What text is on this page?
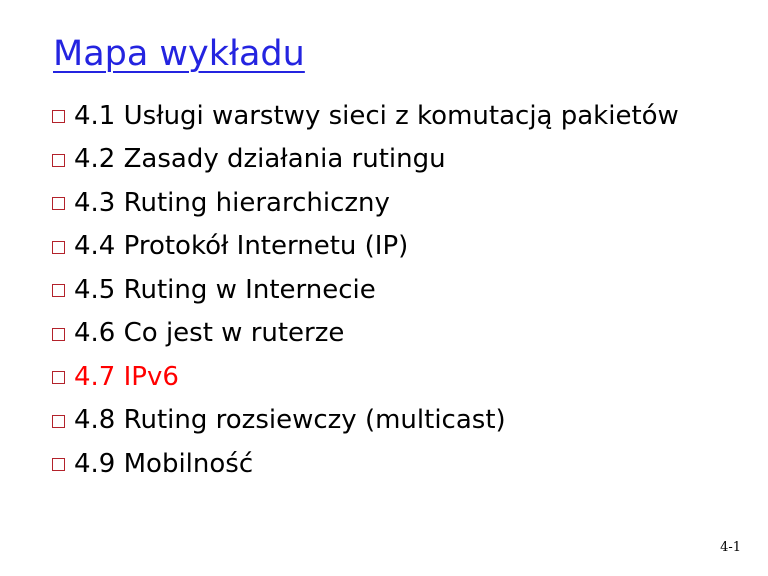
Mapa wykładu
4.1 Usługi warstwy sieci z komutacją pakietów
4.2 Zasady działania rutingu
4.3 Ruting hierarchiczny
4.4 Protokół Internetu (IP)
4.5 Ruting w Internecie
4.6 Co jest w ruterze
4.7 IPv6
4.8 Ruting rozsiewczy (multicast)
4.9 Mobilność
4-1
